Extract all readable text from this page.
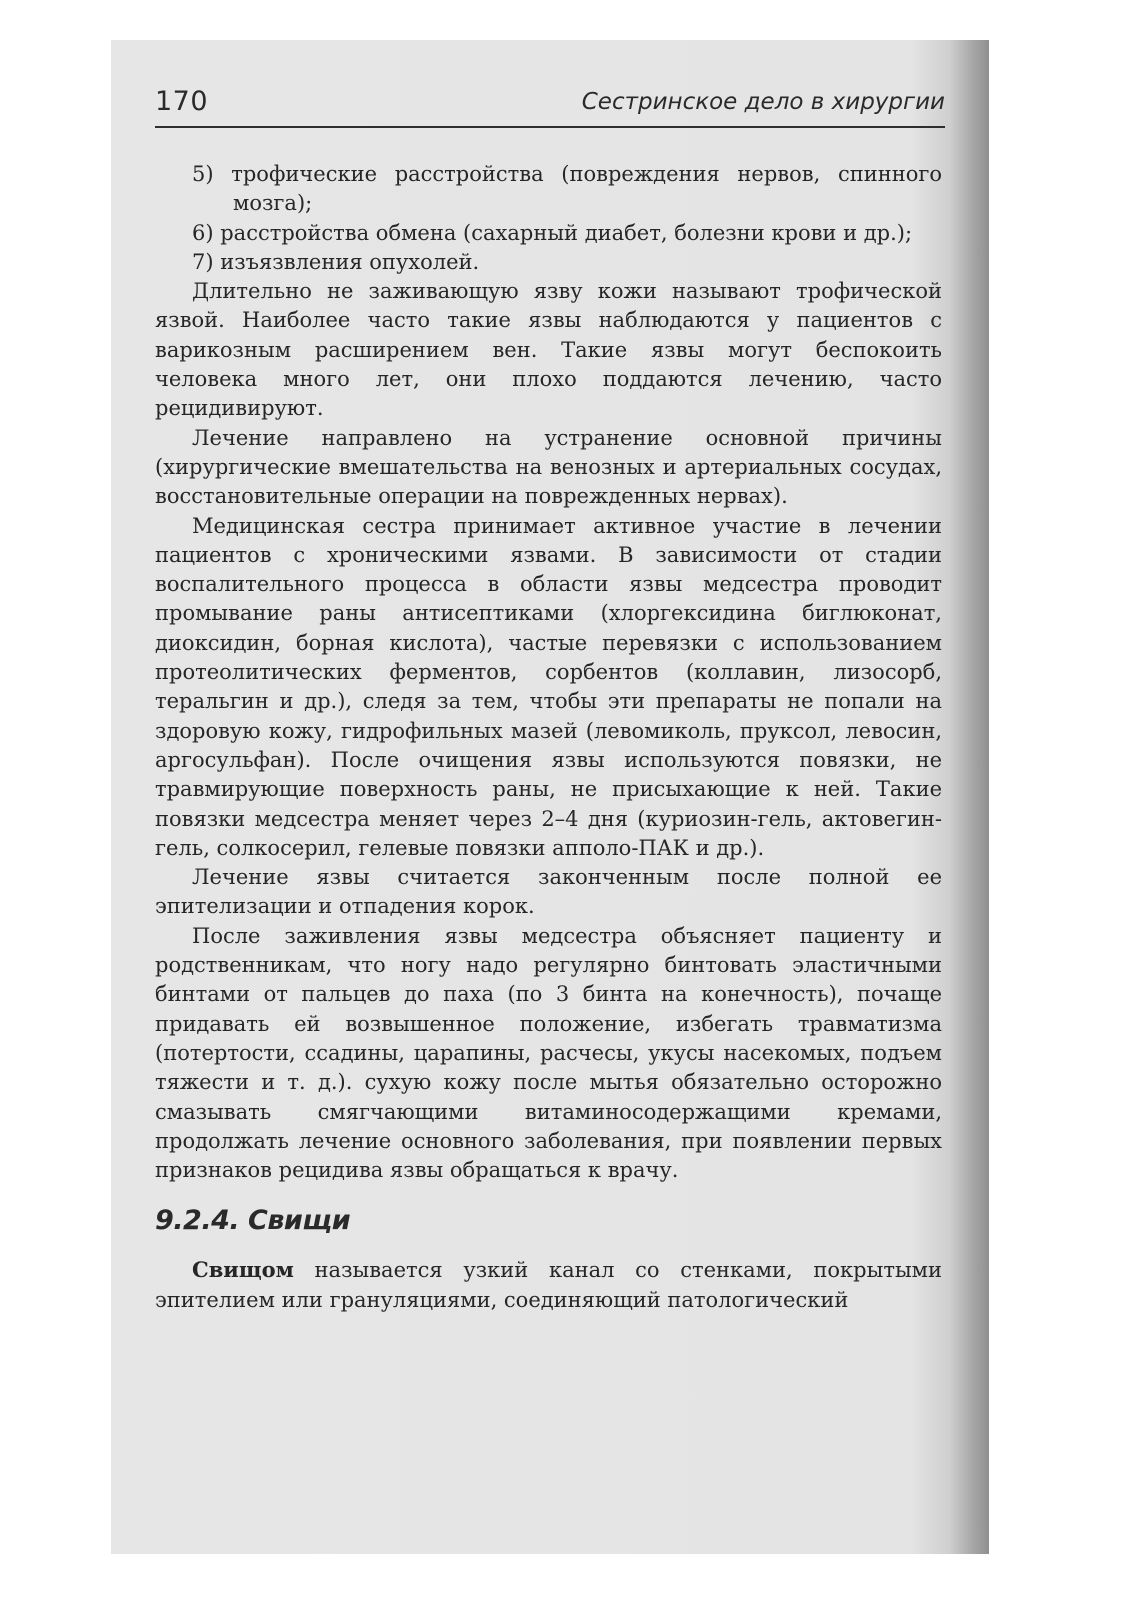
170	Сестринское дело в хирургии

5) трофические расстройства (повреждения нервов, спинного мозга);

6) расстройства обмена (сахарный диабет, болезни крови и др.);

7) изъязвления опухолей.

Длительно не заживающую язву кожи называют трофической язвой. Наиболее часто такие язвы наблюдаются у пациентов с варикозным расширением вен. Такие язвы могут беспокоить человека много лет, они плохо поддаются лечению, часто рецидивируют.

Лечение направлено на устранение основной причины (хирургические вмешательства на венозных и артериальных сосудах, восстановительные операции на поврежденных нервах).

Медицинская сестра принимает активное участие в лечении пациентов с хроническими язвами. В зависимости от стадии воспалительного процесса в области язвы медсестра проводит промывание раны антисептиками (хлоргексидина биглюконат, диоксидин, борная кислота), частые перевязки с использованием протеолитических ферментов, сорбентов (коллавин, лизосорб, теральгин и др.), следя за тем, чтобы эти препараты не попали на здоровую кожу, гидрофильных мазей (левомиколь, пруксол, левосин, аргосульфан). После очищения язвы используются повязки, не травмирующие поверхность раны, не присыхающие к ней. Такие повязки медсестра меняет через 2–4 дня (куриозин-гель, актовегин-гель, солкосерил, гелевые повязки апполо-ПАК и др.).

Лечение язвы считается законченным после полной ее эпителизации и отпадения корок.

После заживления язвы медсестра объясняет пациенту и родственникам, что ногу надо регулярно бинтовать эластичными бинтами от пальцев до паха (по 3 бинта на конечность), почаще придавать ей возвышенное положение, избегать травматизма (потертости, ссадины, царапины, расчесы, укусы насекомых, подъем тяжести и т. д.). сухую кожу после мытья обязательно осторожно смазывать смягчающими витаминосодержащими кремами, продолжать лечение основного заболевания, при появлении первых признаков рецидива язвы обращаться к врачу.

9.2.4. Свищи

Свищом называется узкий канал со стенками, покрытыми эпителием или грануляциями, соединяющий патологический
